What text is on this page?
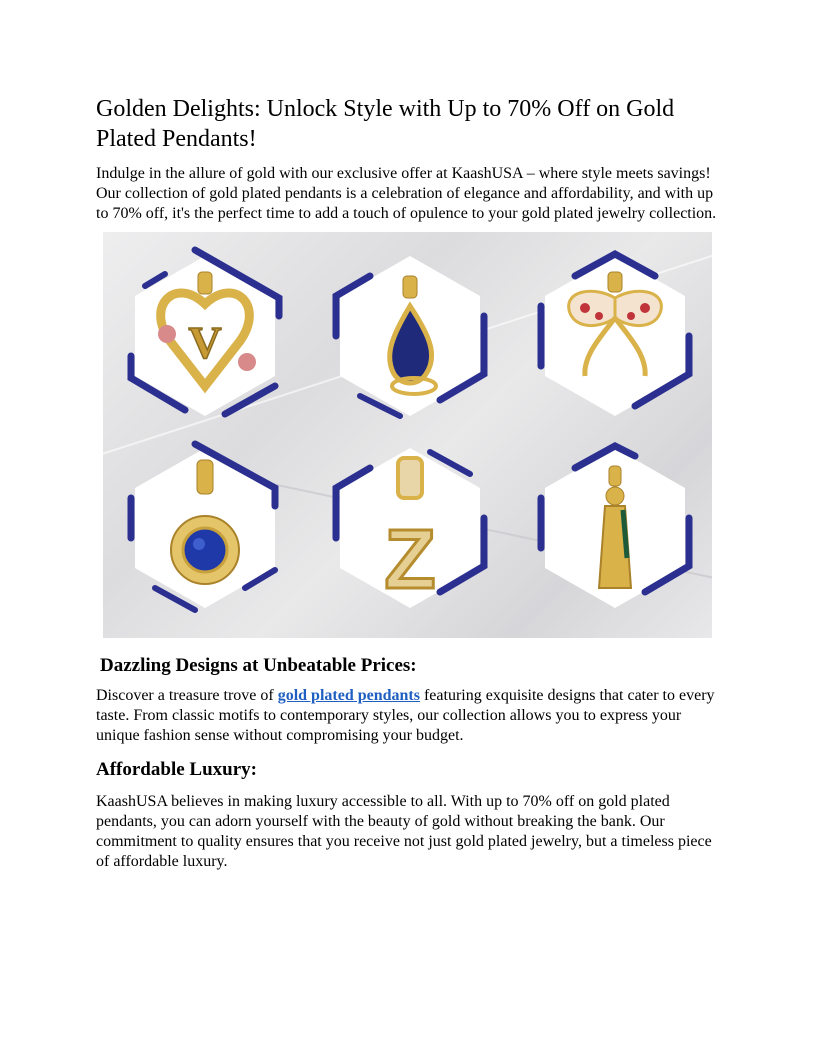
Golden Delights: Unlock Style with Up to 70% Off on Gold Plated Pendants!

Indulge in the allure of gold with our exclusive offer at KaashUSA – where style meets savings! Our collection of gold plated pendants is a celebration of elegance and affordability, and with up to 70% off, it's the perfect time to add a touch of opulence to your gold plated jewelry collection.

V
Z
Dazzling Designs at Unbeatable Prices:

Discover a treasure trove of gold plated pendants featuring exquisite designs that cater to every taste. From classic motifs to contemporary styles, our collection allows you to express your unique fashion sense without compromising your budget.

Affordable Luxury:

KaashUSA believes in making luxury accessible to all. With up to 70% off on gold plated pendants, you can adorn yourself with the beauty of gold without breaking the bank. Our commitment to quality ensures that you receive not just gold plated jewelry, but a timeless piece of affordable luxury.
